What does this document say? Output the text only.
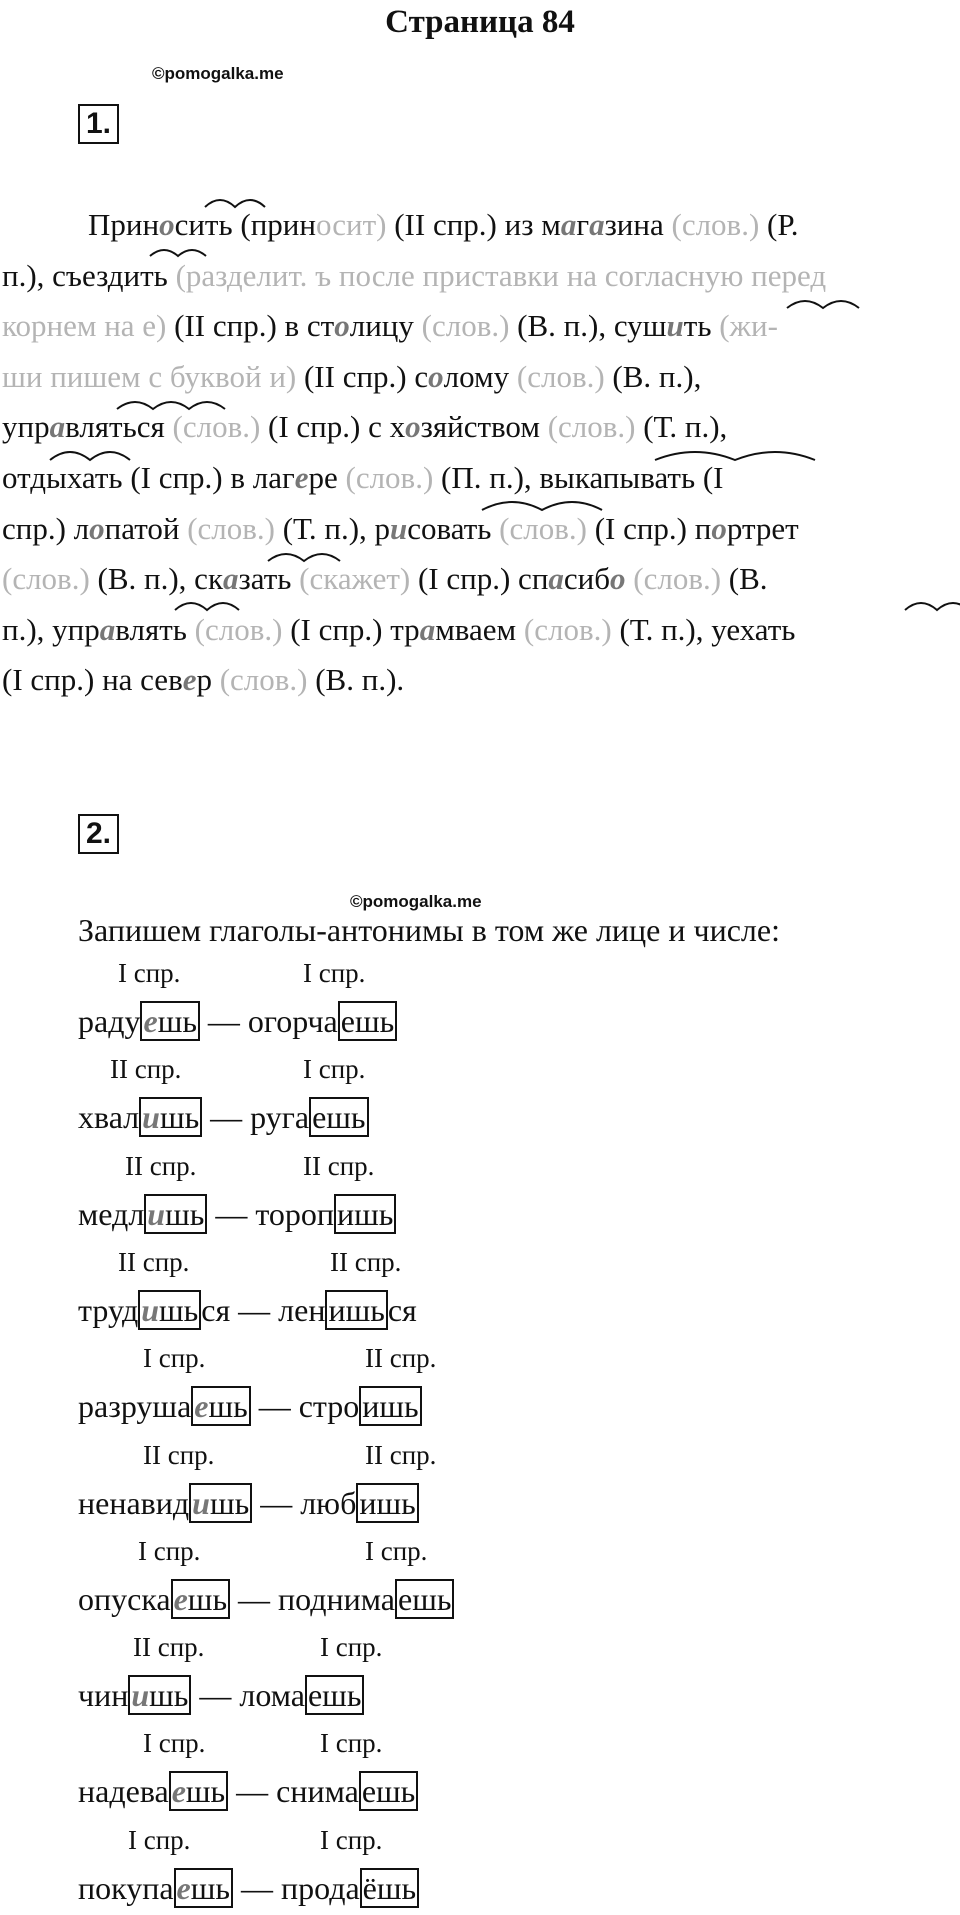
Страница 84
©pomogalka.me
1.
Приносить (приносит) (II спр.) из магазина (слов.) (Р.
п.), съездить (разделит. ъ после приставки на согласную перед
корнем на е) (II спр.) в столицу (слов.) (В. п.), сушить (жи-
ши пишем с буквой и) (II спр.) солому (слов.) (В. п.),
управляться (слов.) (I спр.) с хозяйством (слов.) (Т. п.),
отдыхать (I спр.) в лагере (слов.) (П. п.), выкапывать (I
спр.) лопатой (слов.) (Т. п.), рисовать (слов.) (I спр.) портрет
(слов.) (В. п.), сказать (скажет) (I спр.) спасибо (слов.) (В.
п.), управлять (слов.) (I спр.) трамваем (слов.) (Т. п.), уехать
(I спр.) на север (слов.) (В. п.).
2.
©pomogalka.me
Запишем глаголы-антонимы в том же лице и числе:
I спр.	I спр.
радуешь — огорчаешь
II спр.	I спр.
хвалишь — ругаешь
II спр.	II спр.
медлишь — торопишь
II спр.	II спр.
трудишься — ленишься
I спр.	II спр.
разрушаешь — строишь
II спр.	II спр.
ненавидишь — любишь
I спр.	I спр.
опускаешь — поднимаешь
II спр.	I спр.
чинишь — ломаешь
I спр.	I спр.
надеваешь — снимаешь
I спр.	I спр.
покупаешь — продаёшь
